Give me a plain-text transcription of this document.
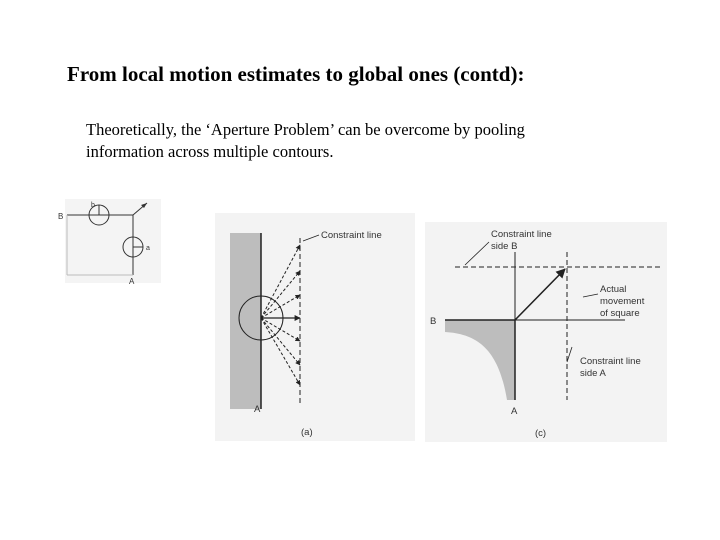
From local motion estimates to global ones (contd):
Theoretically, the ‘Aperture Problem’ can be overcome by pooling
information across multiple contours.
B
b
a
A
Constraint line
A
(a)
Constraint line
side B
Actual
movement
of square
Constraint line
side A
B
A
(c)
